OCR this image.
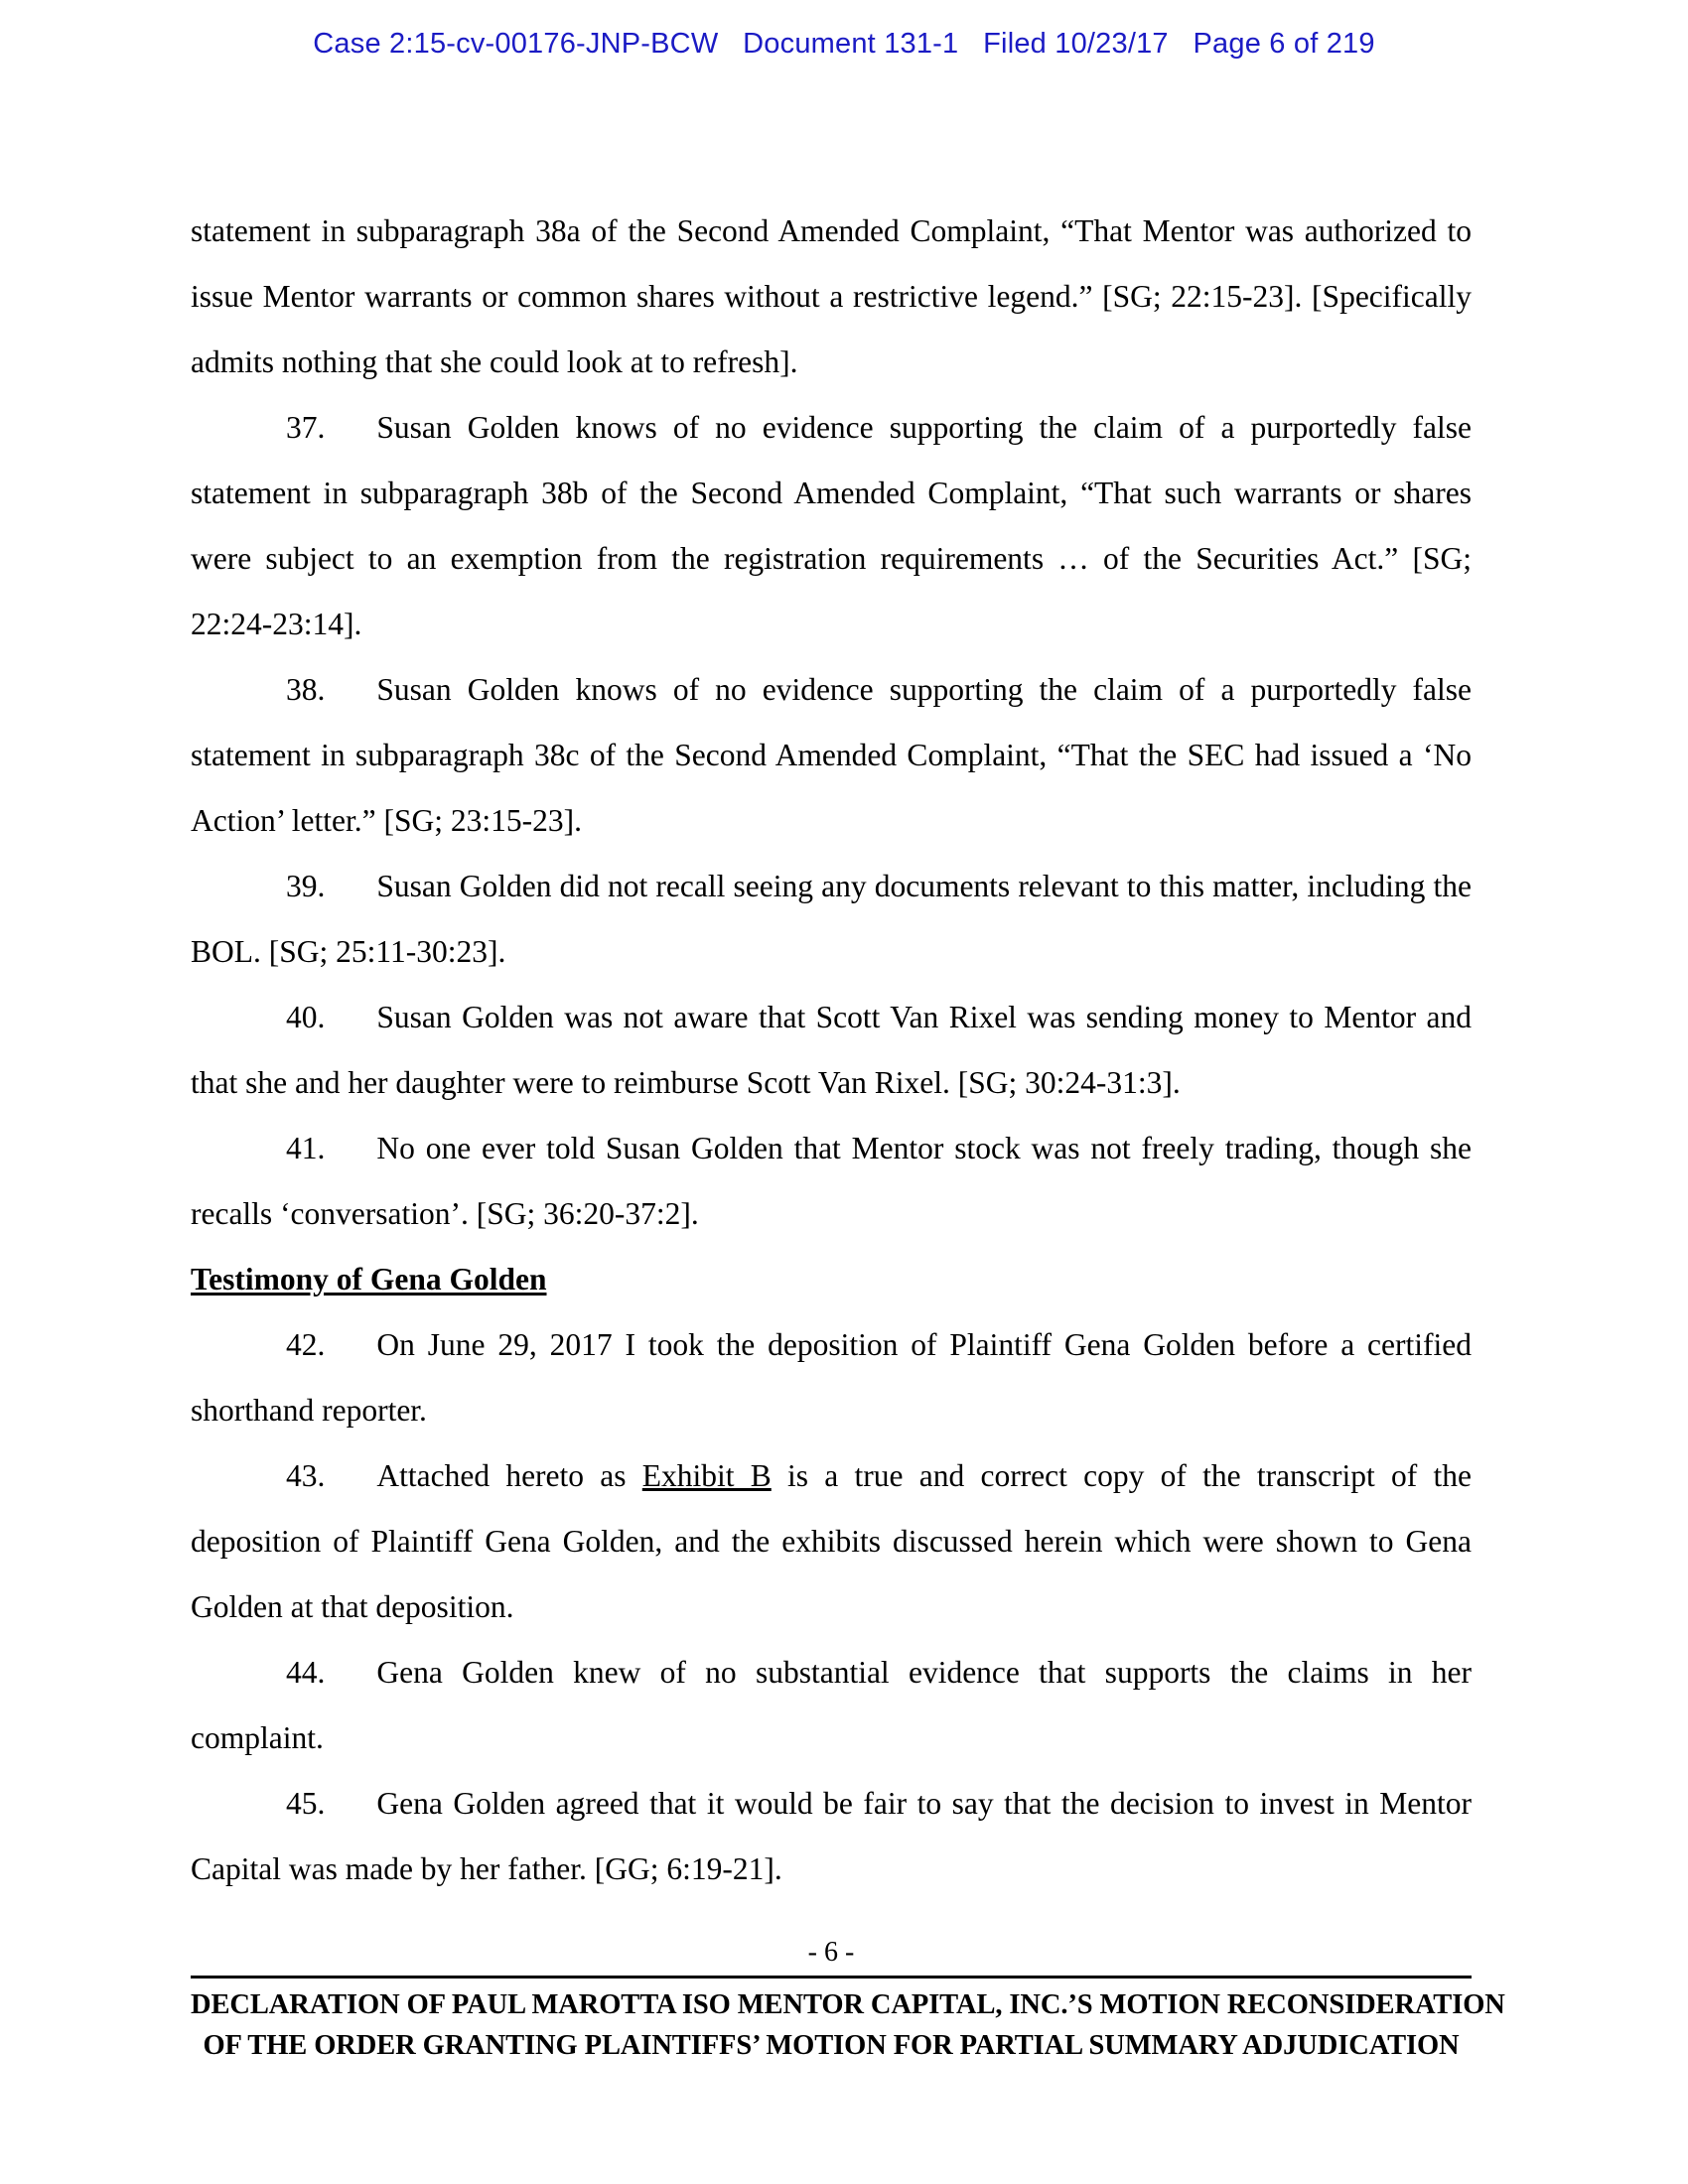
Case 2:15-cv-00176-JNP-BCW   Document 131-1   Filed 10/23/17   Page 6 of 219

statement in subparagraph 38a of the Second Amended Complaint, “That Mentor was authorized to issue Mentor warrants or common shares without a restrictive legend.” [SG; 22:15-23]. [Specifically admits nothing that she could look at to refresh].

37. Susan Golden knows of no evidence supporting the claim of a purportedly false statement in subparagraph 38b of the Second Amended Complaint, “That such warrants or shares were subject to an exemption from the registration requirements … of the Securities Act.” [SG; 22:24-23:14].

38. Susan Golden knows of no evidence supporting the claim of a purportedly false statement in subparagraph 38c of the Second Amended Complaint, “That the SEC had issued a ‘No Action’ letter.” [SG; 23:15-23].

39. Susan Golden did not recall seeing any documents relevant to this matter, including the BOL. [SG; 25:11-30:23].

40. Susan Golden was not aware that Scott Van Rixel was sending money to Mentor and that she and her daughter were to reimburse Scott Van Rixel. [SG; 30:24-31:3].

41. No one ever told Susan Golden that Mentor stock was not freely trading, though she recalls ‘conversation’. [SG; 36:20-37:2].

Testimony of Gena Golden

42. On June 29, 2017 I took the deposition of Plaintiff Gena Golden before a certified shorthand reporter.

43. Attached hereto as Exhibit B is a true and correct copy of the transcript of the deposition of Plaintiff Gena Golden, and the exhibits discussed herein which were shown to Gena Golden at that deposition.

44. Gena Golden knew of no substantial evidence that supports the claims in her complaint.

45. Gena Golden agreed that it would be fair to say that the decision to invest in Mentor Capital was made by her father. [GG; 6:19-21].

- 6 -
DECLARATION OF PAUL MAROTTA ISO MENTOR CAPITAL, INC.’S MOTION RECONSIDERATION
OF THE ORDER GRANTING PLAINTIFFS’ MOTION FOR PARTIAL SUMMARY ADJUDICATION
